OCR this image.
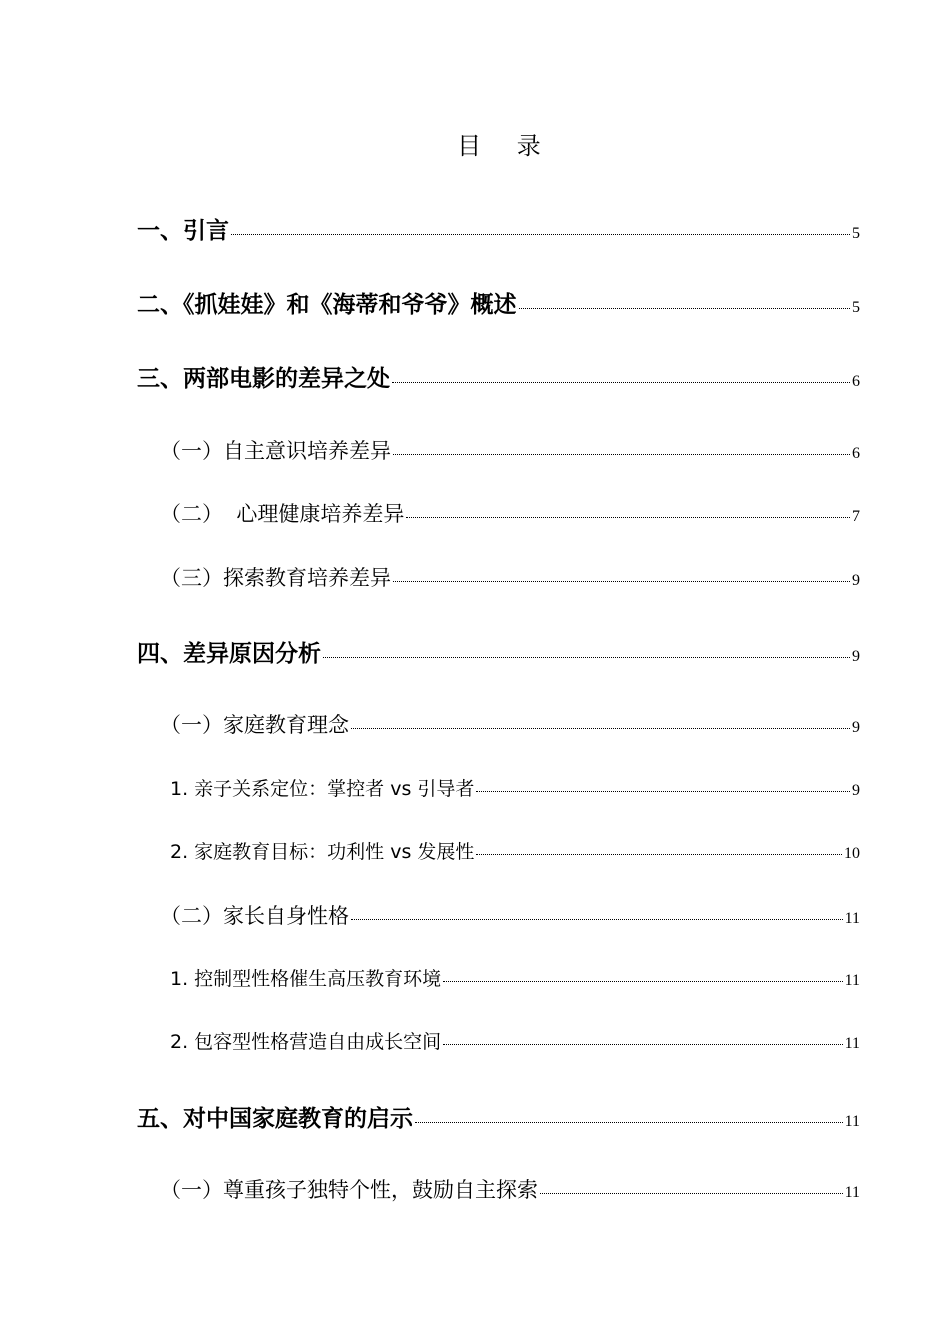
目 录
一、引言	5
二、《抓娃娃》和《海蒂和爷爷》概述	5
三、两部电影的差异之处	6
（一）自主意识培养差异	6
（二）  心理健康培养差异	7
（三）探索教育培养差异	9
四、差异原因分析	9
（一）家庭教育理念	9
1. 亲子关系定位：掌控者 vs 引导者	9
2. 家庭教育目标：功利性 vs 发展性	10
（二）家长自身性格	11
1. 控制型性格催生高压教育环境	11
2. 包容型性格营造自由成长空间	11
五、对中国家庭教育的启示	11
（一）尊重孩子独特个性，鼓励自主探索	11
